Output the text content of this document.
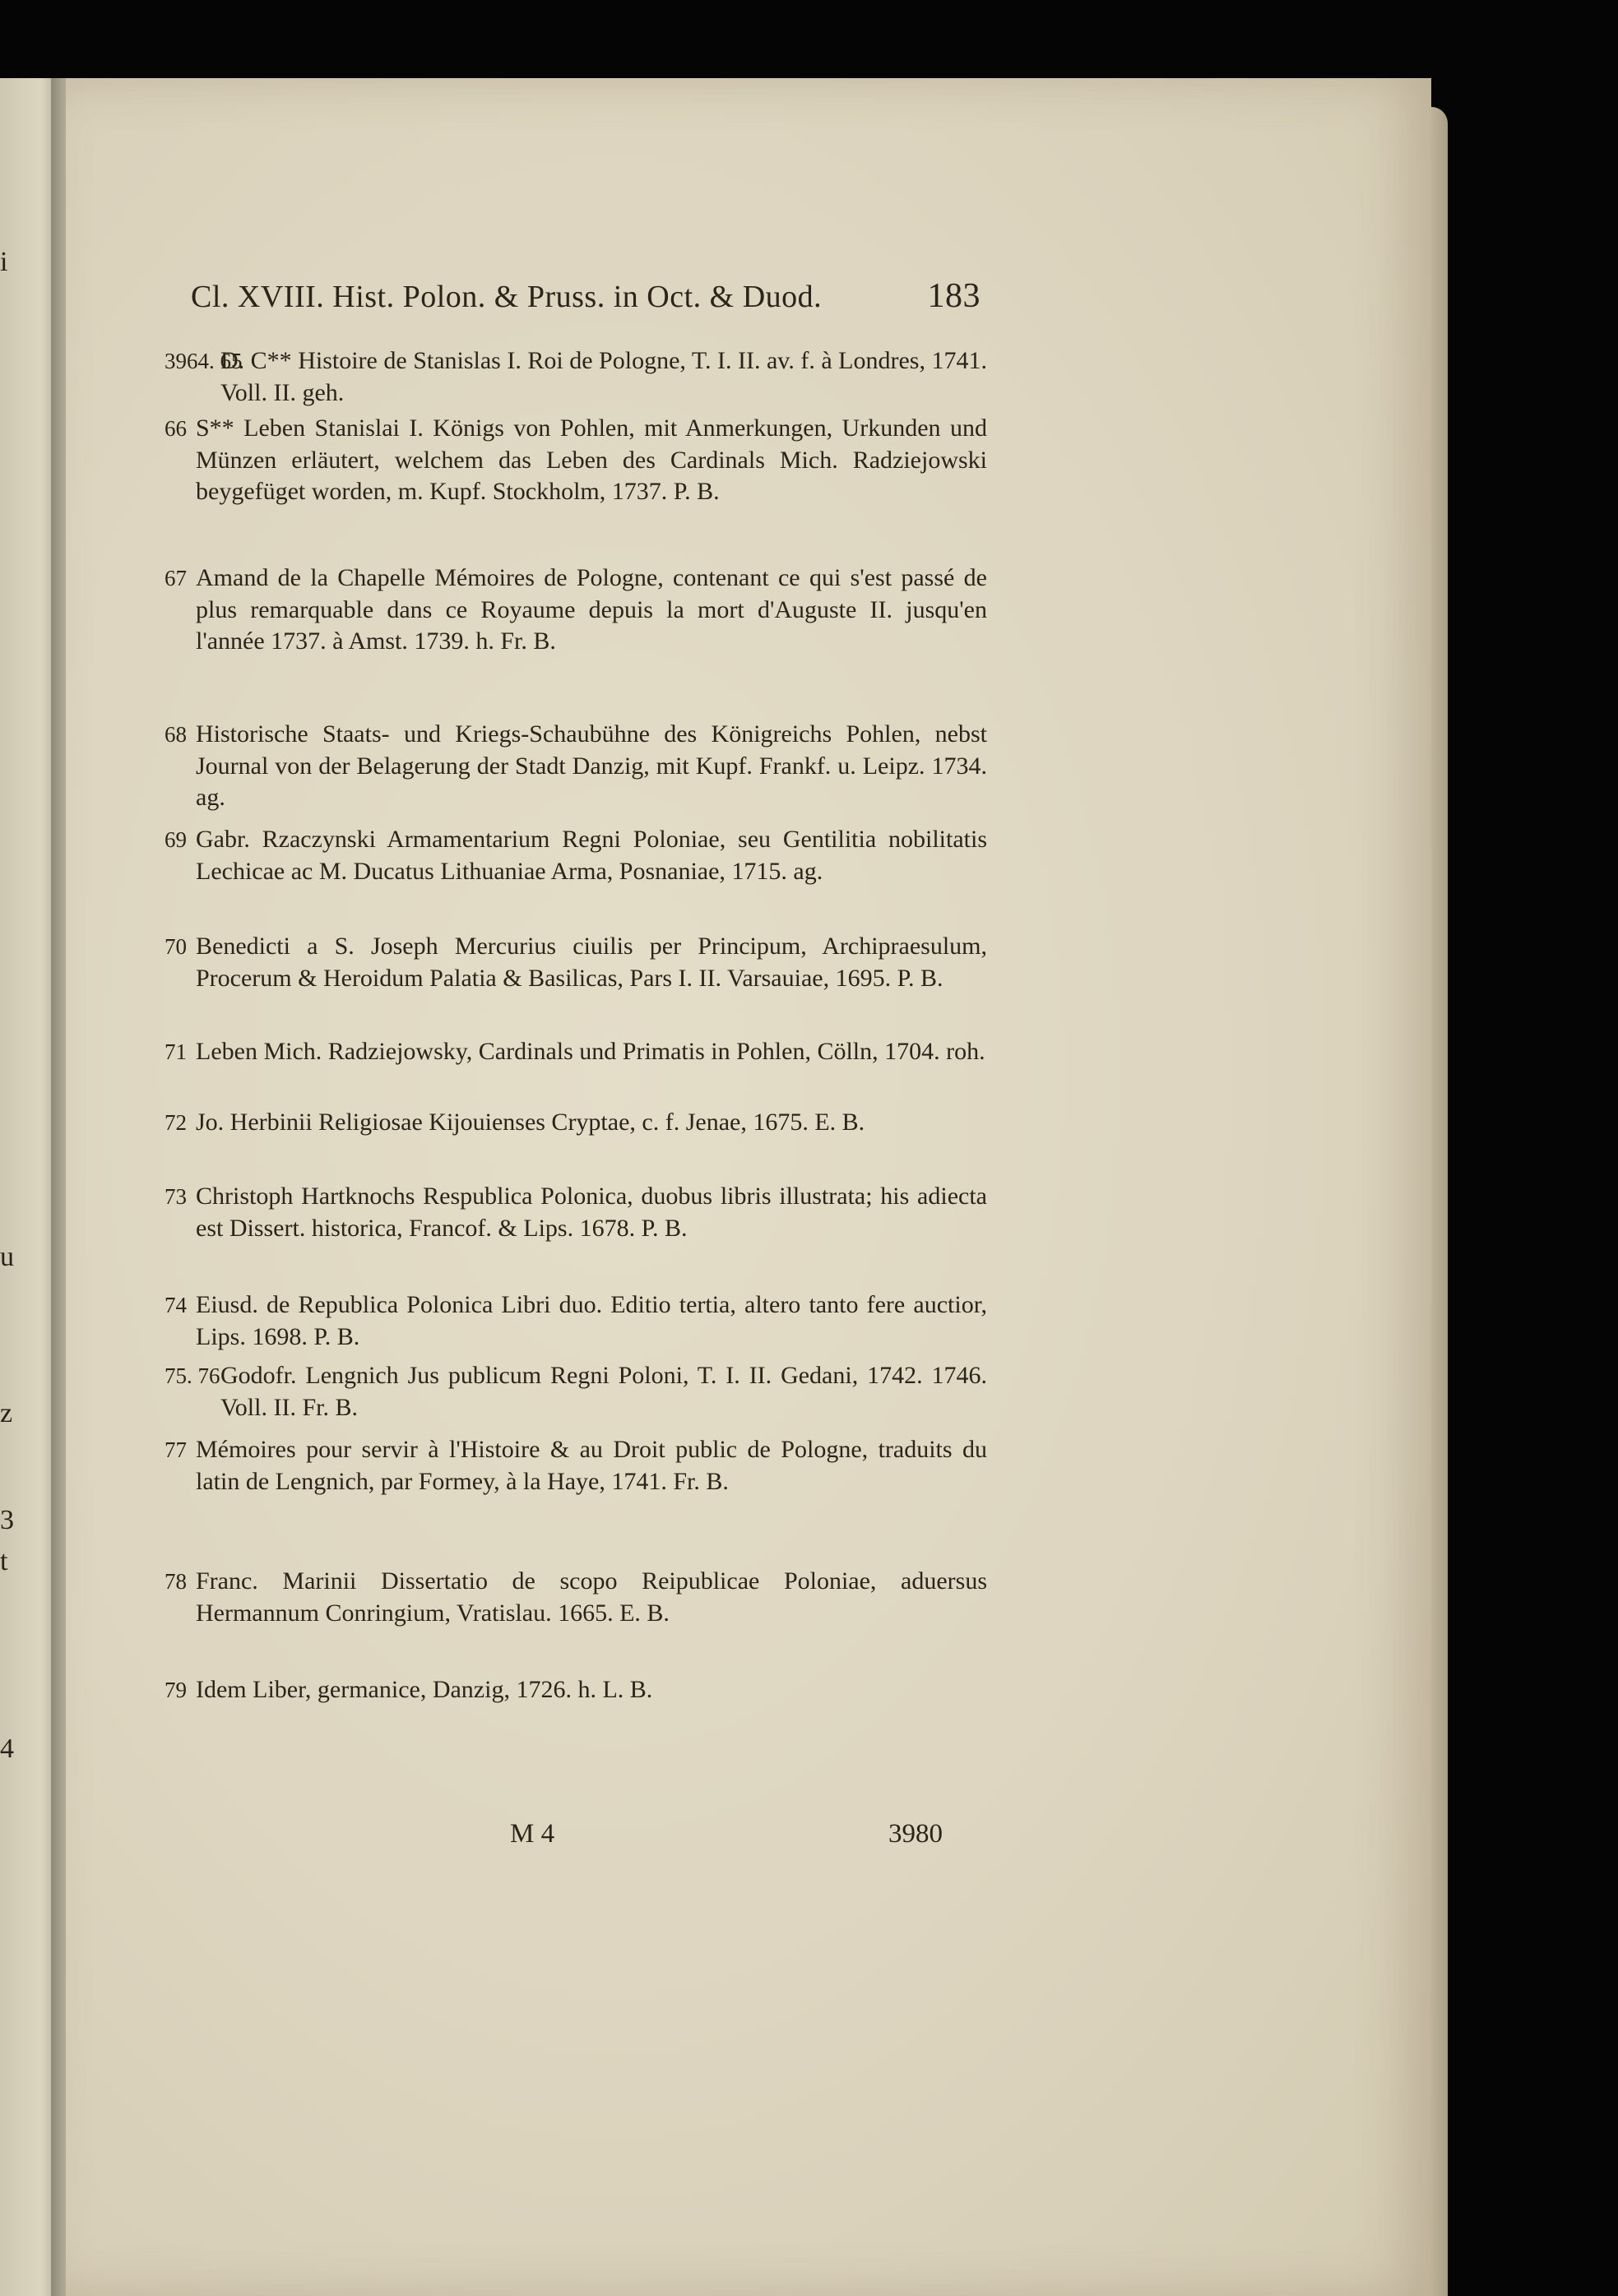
i
u
z
3
t
4
Cl. XVIII. Hist. Polon. & Pruss. in Oct. & Duod.	183
3964. 65
D. C** Histoire de Stanislas I. Roi de Pologne, T. I. II. av. f. à Londres, 1741. Voll. II. geh.
66 S** Leben Stanislai I. Königs von Pohlen, mit Anmerkungen, Urkunden und Münzen erläutert, welchem das Leben des Cardinals Mich. Radziejowski beygefüget worden, m. Kupf. Stockholm, 1737. P. B.
67 Amand de la Chapelle Mémoires de Pologne, contenant ce qui s'est passé de plus remarquable dans ce Royaume depuis la mort d'Auguste II. jusqu'en l'année 1737. à Amst. 1739. h. Fr. B.
68 Historische Staats- und Kriegs-Schaubühne des Königreichs Pohlen, nebst Journal von der Belagerung der Stadt Danzig, mit Kupf. Frankf. u. Leipz. 1734. ag.
69 Gabr. Rzaczynski Armamentarium Regni Poloniae, seu Gentilitia nobilitatis Lechicae ac M. Ducatus Lithuaniae Arma, Posnaniae, 1715. ag.
70 Benedicti a S. Joseph Mercurius ciuilis per Principum, Archipraesulum, Procerum & Heroidum Palatia & Basilicas, Pars I. II. Varsauiae, 1695. P. B.
71 Leben Mich. Radziejowsky, Cardinals und Primatis in Pohlen, Cölln, 1704. roh.
72 Jo. Herbinii Religiosae Kijouienses Cryptae, c. f. Jenae, 1675. E. B.
73 Christoph Hartknochs Respublica Polonica, duobus libris illustrata; his adiecta est Dissert. historica, Francof. & Lips. 1678. P. B.
74 Eiusd. de Republica Polonica Libri duo. Editio tertia, altero tanto fere auctior, Lips. 1698. P. B.
75. 76 Godofr. Lengnich Jus publicum Regni Poloni, T. I. II. Gedani, 1742. 1746. Voll. II. Fr. B.
77 Mémoires pour servir à l'Histoire & au Droit public de Pologne, traduits du latin de Lengnich, par Formey, à la Haye, 1741. Fr. B.
78 Franc. Marinii Dissertatio de scopo Reipublicae Poloniae, aduersus Hermannum Conringium, Vratislau. 1665. E. B.
79 Idem Liber, germanice, Danzig, 1726. h. L. B.
M 4	3980
